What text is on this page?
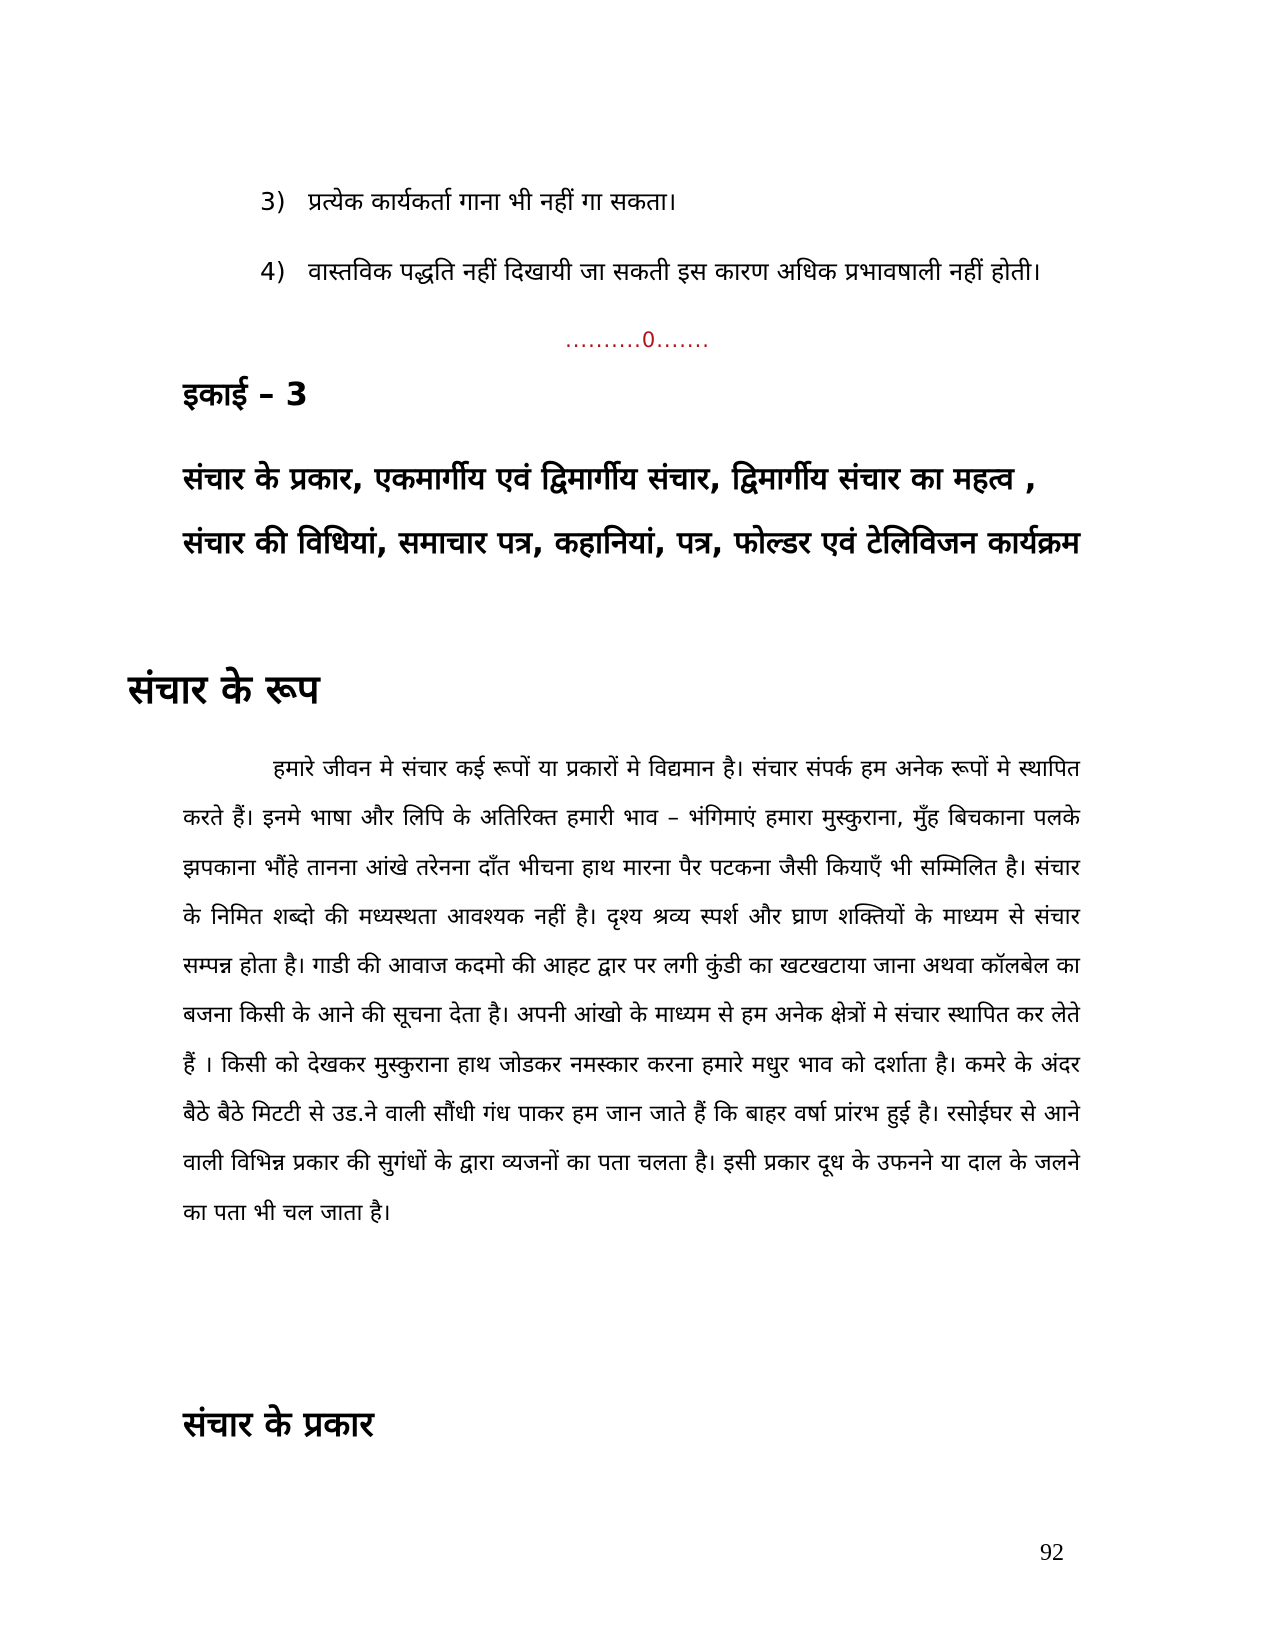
3) प्रत्येक कार्यकर्ता गाना भी नहीं गा सकता।
4) वास्तविक पद्धति नहीं दिखायी जा सकती इस कारण अधिक प्रभावषाली नहीं होती।
..........0.......
इकाई – 3
संचार के प्रकार, एकमार्गीय एवं द्विमार्गीय संचार, द्विमार्गीय संचार का महत्व , संचार की विधियां, समाचार पत्र, कहानियां, पत्र, फोल्डर एवं टेलिविजन कार्यक्रम
संचार के रूप
हमारे जीवन मे संचार कई रूपों या प्रकारों मे विद्यमान है। संचार संपर्क हम अनेक रूपों मे स्थापित करते हैं। इनमे भाषा और लिपि के अतिरिक्त हमारी भाव – भंगिमाएं हमारा मुस्कुराना, मुँह बिचकाना पलके झपकाना भौंहे तानना आंखे तरेनना दाँत भीचना हाथ मारना पैर पटकना जैसी कियाएँ भी सम्मिलित है। संचार के निमित शब्दो की मध्यस्थता आवश्यक नहीं है। दृश्य श्रव्य स्पर्श और घ्राण शक्तियों के माध्यम से संचार सम्पन्न होता है। गाडी की आवाज कदमो की आहट द्वार पर लगी कुंडी का खटखटाया जाना अथवा कॉलबेल का बजना किसी के आने की सूचना देता है। अपनी आंखो के माध्यम से हम अनेक क्षेत्रों मे संचार स्थापित कर लेते हैं । किसी को देखकर मुस्कुराना हाथ जोडकर नमस्कार करना हमारे मधुर भाव को दर्शाता है। कमरे के अंदर बैठे बैठे मिटटी से उड.ने वाली सौंधी गंध पाकर हम जान जाते हैं कि बाहर वर्षा प्रांरभ हुई है। रसोईघर से आने वाली विभिन्न प्रकार की सुगंधों के द्वारा व्यजनों का पता चलता है। इसी प्रकार दूध के उफनने या दाल के जलने का पता भी चल जाता है।
संचार के प्रकार
92
